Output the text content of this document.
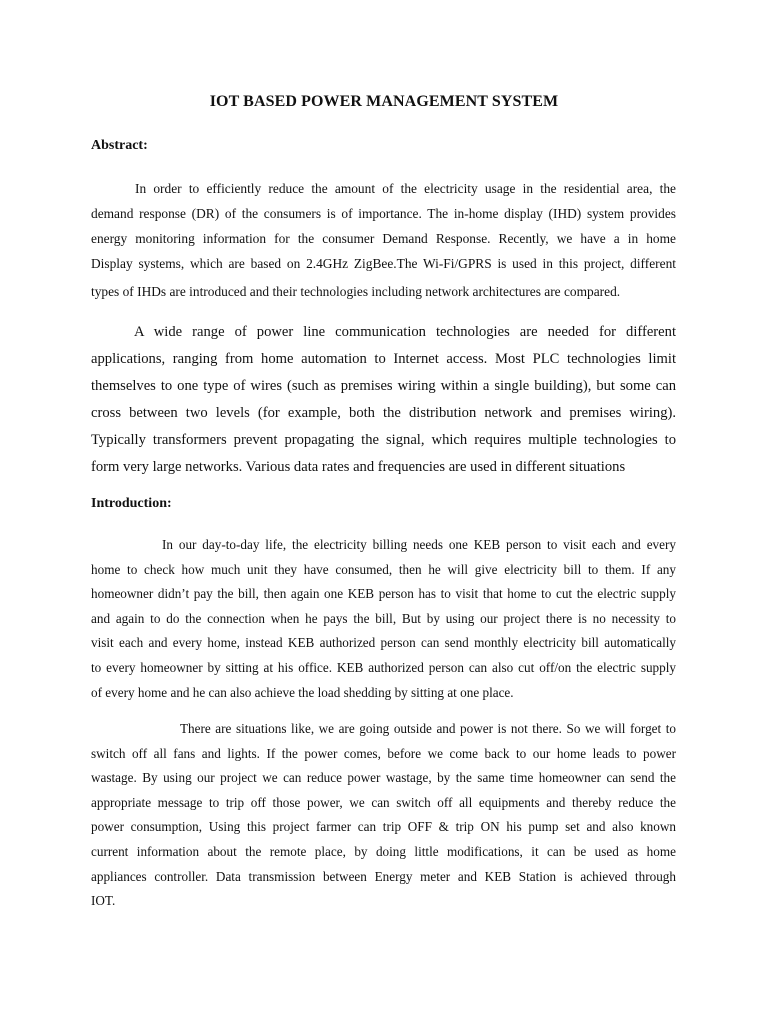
IOT BASED POWER MANAGEMENT SYSTEM
Abstract:
In order to efficiently reduce the amount of the electricity usage in the residential area, the
demand response (DR) of the consumers is of importance. The in-home display (IHD) system provides
energy monitoring information for the consumer Demand Response. Recently, we have a in home
Display systems, which are based on 2.4GHz ZigBee.The Wi-Fi/GPRS is used in this project, different
types of IHDs are introduced and their technologies including network architectures are compared.
A wide range of power line communication technologies are needed for different
applications, ranging from home automation to Internet access. Most PLC technologies limit
themselves to one type of wires (such as premises wiring within a single building), but some can
cross between two levels (for example, both the distribution network and premises wiring).
Typically transformers prevent propagating the signal, which requires multiple technologies to
form very large networks. Various data rates and frequencies are used in different situations
Introduction:
In our day-to-day life, the electricity billing needs one KEB person to visit each and every
home to check how much unit they have consumed, then he will give electricity bill to them. If any
homeowner didn’t pay the bill, then again one KEB person has to visit that home to cut the electric supply
and again to do the connection when he pays the bill, But by using our project there is no necessity to
visit each and every home, instead KEB authorized person can send monthly electricity bill automatically
to every homeowner by sitting at his office. KEB authorized person can also cut off/on the electric supply
of every home and he can also achieve the load shedding by sitting at one place.
There are situations like, we are going outside and power is not there. So we will forget to
switch off all fans and lights. If the power comes, before we come back to our home leads to power
wastage. By using our project we can reduce power wastage, by the same time homeowner can send the
appropriate message to trip off those power, we can switch off all equipments and thereby reduce the
power consumption, Using this project farmer can trip OFF & trip ON his pump set and also known
current information about the remote place, by doing little modifications, it can be used as home
appliances controller. Data transmission between Energy meter and KEB Station is achieved through
IOT.
